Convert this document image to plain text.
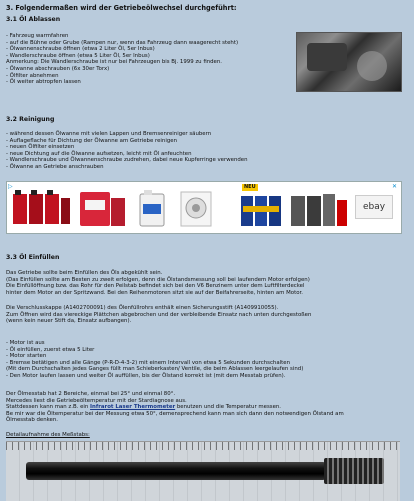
3. Folgendermaßen wird der Getriebeölwechsel durchgeführt:
3.1 Öl Ablassen
- Fahrzeug warmfahren
- auf die Bühne oder Grube (Rampen nur, wenn das Fahrzeug dann waagerecht steht)
- Ölwannenschraube öffnen (etwa 2 Liter Öl, 5er Inbus)
- Wandlerschraube öffnen (etwa 5 Liter Öl, 5er Inbus)
Anmerkung: Die Wandlerschraube ist nur bei Fahrzeugen bis Bj. 1999 zu finden.
- Ölwanne abschrauben (6x 30er Torx)
- Ölfilter abnehmen
- Öl weiter abtropfen lassen
3.2 Reinigung
- während dessen Ölwanne mit vielen Lappen und Bremsenreiniger säubern
- Auflageflache für Dichtung der Ölwanne am Getriebe reinigen
- neuen Ölfilter einsetzen
- neue Dichtung auf die Ölwanne aufsetzen, leicht mit Öl anfeuchten
- Wandlerschraube und Ölwannenschraube zudrehen, dabei neue Kupferringe verwenden
- Ölwanne an Getriebe anschrauben
▷	✕
NEU
ebay
3.3 Öl Einfüllen
Das Getriebe sollte beim Einfüllen des Öls abgekühlt sein.
(Das Einfüllen sollte am Besten zu zweit erfolgen, denn die Ölstandsmessung soll bei laufendem Motor erfolgen)
Die Einfüllöffnung bzw. das Rohr für den Peilstab befindet sich bei den V6 Benzinern unter dem Luftfilterdeckel
hinter dem Motor an der Spritzwand. Bei den Reihenmotoren sitzt sie auf der Beifahrerseite, hinten am Motor.
Die Verschlusskappe (A1402700091) des Ölenfüllrohrs enthält einen Sicherungsstift (A1409910055).
Zum Öffnen wird das viereckige Plättchen abgebrochen und der verbleibende Einsatz nach unten durchgestoßen
(wenn kein neuer Stift da, Einsatz aufbangen).
- Motor ist aus
- Öl einfüllen, zuerst etwa 5 Liter
- Motor starten
- Bremse betätigen und alle Gänge (P-R-D-4-3-2) mit einem Intervall von etwa 5 Sekunden durchschalten
(Mit dem Durchschalten jedes Ganges füllt man Schieberkasten/ Ventile, die beim Ablassen leergelaufen sind)
- Den Motor laufen lassen und weiter Öl auffüllen, bis der Ölstand korrekt ist (mit dem Messtab prüfen).
Der Ölmesstab hat 2 Bereiche, einmal bei 25° und einmal 80°.
Mercedes liest die Getriebeöltemperatur mit der Stardiagnose aus.
Stattdessen kann man z.B. ein Infrarot Laser Thermometer benutzen und die Temperatur messen.
Be mir war die Öltemperatur bei der Messung etwa 50°, demensprechend kann man sich dann den notwendigen Ölstand am
Ölmesstab denken.
Detailaufnahme des Meßstabs:
